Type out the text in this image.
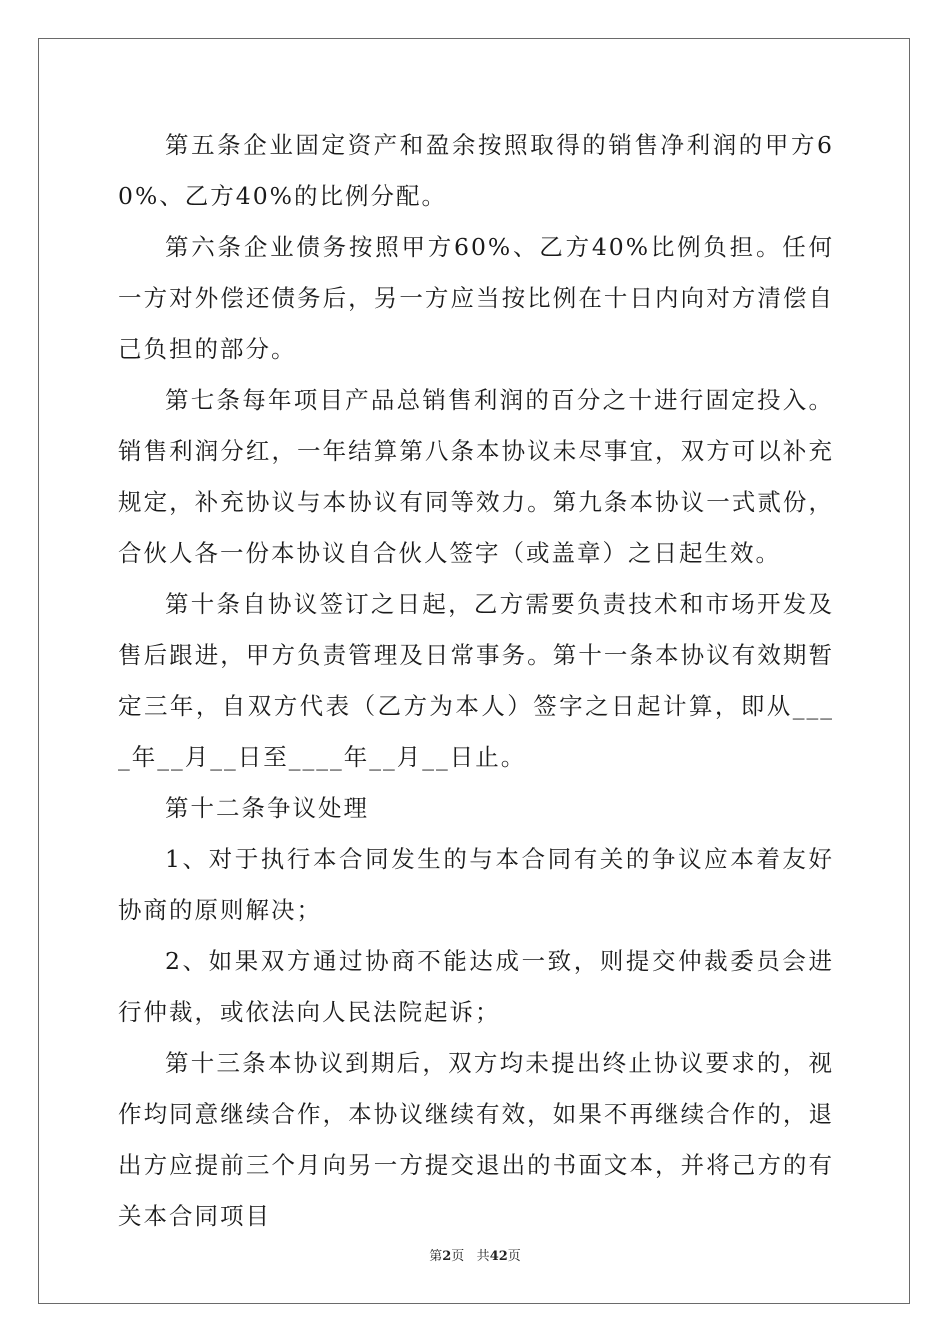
第五条企业固定资产和盈余按照取得的销售净利润的甲方60%、乙方40%的比例分配。

第六条企业债务按照甲方60%、乙方40%比例负担。任何一方对外偿还债务后，另一方应当按比例在十日内向对方清偿自己负担的部分。

第七条每年项目产品总销售利润的百分之十进行固定投入。销售利润分红，一年结算第八条本协议未尽事宜，双方可以补充规定，补充协议与本协议有同等效力。第九条本协议一式贰份，合伙人各一份本协议自合伙人签字（或盖章）之日起生效。

第十条自协议签订之日起，乙方需要负责技术和市场开发及售后跟进，甲方负责管理及日常事务。第十一条本协议有效期暂定三年，自双方代表（乙方为本人）签字之日起计算，即从____年__月__日至____年__月__日止。

第十二条争议处理

1、对于执行本合同发生的与本合同有关的争议应本着友好协商的原则解决；

2、如果双方通过协商不能达成一致，则提交仲裁委员会进行仲裁，或依法向人民法院起诉；

第十三条本协议到期后，双方均未提出终止协议要求的，视作均同意继续合作，本协议继续有效，如果不再继续合作的，退出方应提前三个月向另一方提交退出的书面文本，并将己方的有关本合同项目

第2页 共42页
